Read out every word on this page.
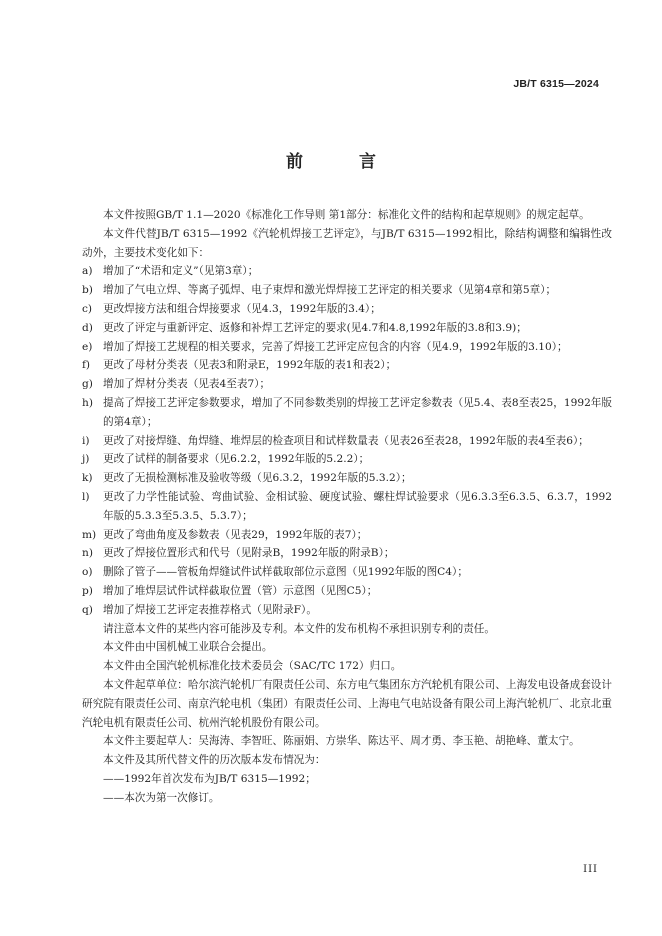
JB/T 6315—2024
前 言
本文件按照GB/T 1.1—2020《标准化工作导则 第1部分：标准化文件的结构和起草规则》的规定起草。
本文件代替JB/T 6315—1992《汽轮机焊接工艺评定》，与JB/T 6315—1992相比，除结构调整和编辑性改动外，主要技术变化如下：
a) 增加了“术语和定义”（见第3章）；
b) 增加了气电立焊、等离子弧焊、电子束焊和激光焊焊接工艺评定的相关要求（见第4章和第5章）；
c) 更改焊接方法和组合焊接要求（见4.3，1992年版的3.4）；
d) 更改了评定与重新评定、返修和补焊工艺评定的要求(见4.7和4.8,1992年版的3.8和3.9)；
e) 增加了焊接工艺规程的相关要求，完善了焊接工艺评定应包含的内容（见4.9，1992年版的3.10）；
f) 更改了母材分类表（见表3和附录E，1992年版的表1和表2）；
g) 增加了焊材分类表（见表4至表7）；
h) 提高了焊接工艺评定参数要求，增加了不同参数类别的焊接工艺评定参数表（见5.4、表8至表25，1992年版的第4章）；
i) 更改了对接焊缝、角焊缝、堆焊层的检查项目和试样数量表（见表26至表28，1992年版的表4至表6）；
j) 更改了试样的制备要求（见6.2.2，1992年版的5.2.2）；
k) 更改了无损检测标准及验收等级（见6.3.2，1992年版的5.3.2）；
l) 更改了力学性能试验、弯曲试验、金相试验、硬度试验、螺柱焊试验要求（见6.3.3至6.3.5、6.3.7，1992年版的5.3.3至5.3.5、5.3.7）；
m) 更改了弯曲角度及参数表（见表29，1992年版的表7）；
n) 更改了焊接位置形式和代号（见附录B，1992年版的附录B）；
o) 删除了管子——管板角焊缝试件试样截取部位示意图（见1992年版的图C4）；
p) 增加了堆焊层试件试样截取位置（管）示意图（见图C5）；
q) 增加了焊接工艺评定表推荐格式（见附录F）。
请注意本文件的某些内容可能涉及专利。本文件的发布机构不承担识别专利的责任。
本文件由中国机械工业联合会提出。
本文件由全国汽轮机标准化技术委员会（SAC/TC 172）归口。
本文件起草单位：哈尔滨汽轮机厂有限责任公司、东方电气集团东方汽轮机有限公司、上海发电设备成套设计研究院有限责任公司、南京汽轮电机（集团）有限责任公司、上海电气电站设备有限公司上海汽轮机厂、北京北重汽轮电机有限责任公司、杭州汽轮机股份有限公司。
本文件主要起草人：吴海涛、李智旺、陈丽娟、方崇华、陈达平、周才勇、李玉艳、胡艳峰、董太宁。
本文件及其所代替文件的历次版本发布情况为：
——1992年首次发布为JB/T 6315—1992；
——本次为第一次修订。
III
